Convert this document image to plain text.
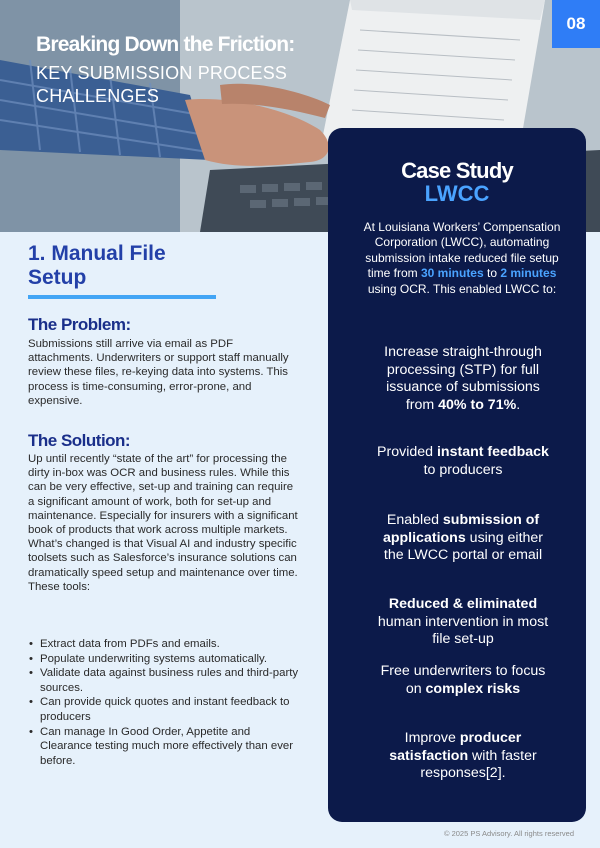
08
Breaking Down the Friction:
KEY SUBMISSION PROCESS CHALLENGES
1. Manual File Setup
The Problem:
Submissions still arrive via email as PDF attachments. Underwriters or support staff manually review these files, re-keying data into systems. This process is time-consuming, error-prone, and expensive.
The Solution:
Up until recently “state of the art” for processing the dirty in-box was OCR and business rules. While this can be very effective, set-up and training can require a significant amount of work, both for set-up and maintenance. Especially for insurers with a significant book of products that work across multiple markets. What’s changed is that Visual AI and industry specific toolsets such as Salesforce’s insurance solutions can dramatically speed setup and maintenance over time. These tools:
• Extract data from PDFs and emails.
• Populate underwriting systems automatically.
• Validate data against business rules and third-party sources.
• Can provide quick quotes and instant feedback to producers
• Can manage In Good Order, Appetite and Clearance testing much more effectively than ever before.
Case Study
LWCC
At Louisiana Workers’ Compensation Corporation (LWCC), automating submission intake reduced file setup time from 30 minutes to 2 minutes using OCR. This enabled LWCC to:
Increase straight-through processing (STP) for full issuance of submissions from 40% to 71%.
Provided instant feedback to producers
Enabled submission of applications using either the LWCC portal or email
Reduced & eliminated human intervention in most file set-up
Free underwriters to focus on complex risks
Improve producer satisfaction with faster responses[2].
© 2025 PS Advisory. All rights reserved
